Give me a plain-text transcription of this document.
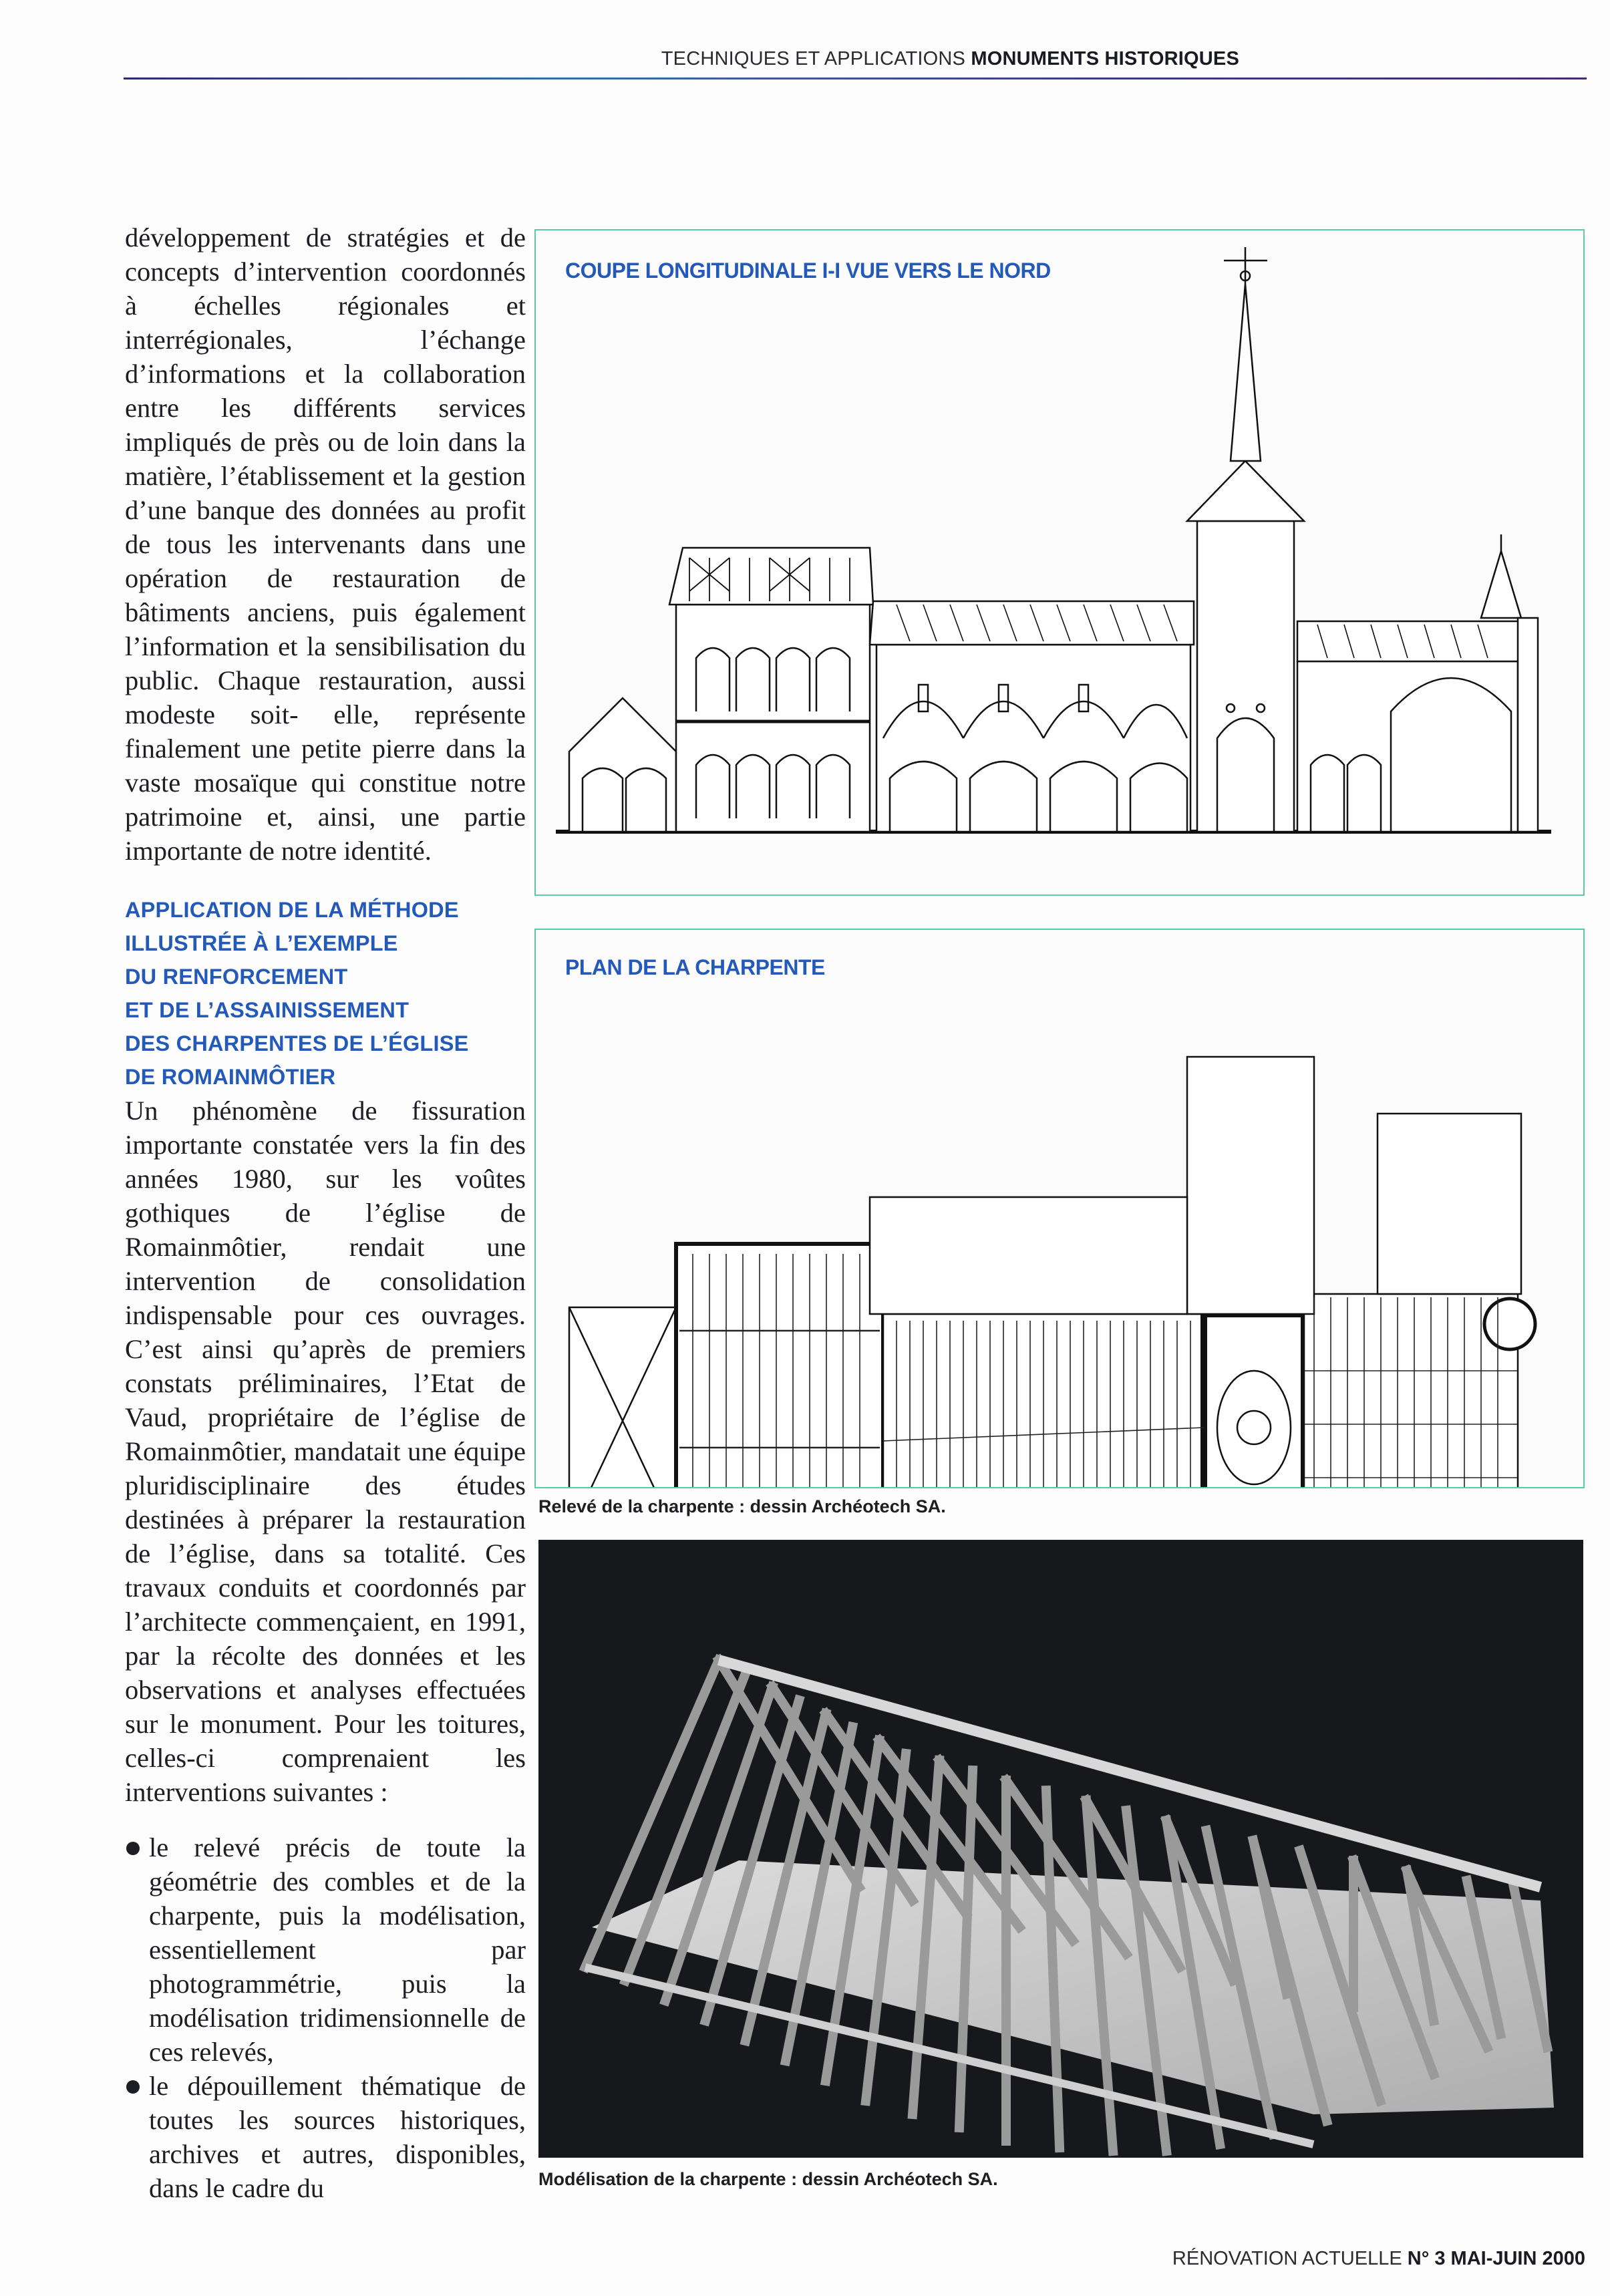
TECHNIQUES ET APPLICATIONS MONUMENTS HISTORIQUES

développement de stratégies et de concepts d’intervention coordonnés à échelles régionales et interrégionales, l’échange d’informations et la collaboration entre les différents services impliqués de près ou de loin dans la matière, l’établissement et la gestion d’une banque des données au profit de tous les intervenants dans une opération de restauration de bâtiments anciens, puis également l’information et la sensibilisation du public. Chaque restauration, aussi modeste soit- elle, représente finalement une petite pierre dans la vaste mosaïque qui constitue notre patrimoine et, ainsi, une partie importante de notre identité.

APPLICATION DE LA MÉTHODE
ILLUSTRÉE À L’EXEMPLE
DU RENFORCEMENT
ET DE L’ASSAINISSEMENT
DES CHARPENTES DE L’ÉGLISE
DE ROMAINMÔTIER

Un phénomène de fissuration importante constatée vers la fin des années 1980, sur les voûtes gothiques de l’église de Romainmôtier, rendait une intervention de consolidation indispensable pour ces ouvrages. C’est ainsi qu’après de premiers constats préliminaires, l’Etat de Vaud, propriétaire de l’église de Romainmôtier, mandatait une équipe pluridisciplinaire des études destinées à préparer la restauration de l’église, dans sa totalité. Ces travaux conduits et coordonnés par l’architecte commençaient, en 1991, par la récolte des données et les observations et analyses effectuées sur le monument. Pour les toitures, celles-ci comprenaient les interventions suivantes :

le relevé précis de toute la géométrie des combles et de la charpente, puis la modélisation, essentiellement par photogrammétrie, puis la modélisation tridimensionnelle de ces relevés,
le dépouillement thématique de toutes les sources historiques, archives et autres, disponibles, dans le cadre du
COUPE LONGITUDINALE I-I VUE VERS LE NORD
PLAN DE LA CHARPENTE
Relevé de la charpente : dessin Archéotech SA.
Modélisation de la charpente : dessin Archéotech SA.
RÉNOVATION ACTUELLE N° 3 MAI-JUIN 2000
